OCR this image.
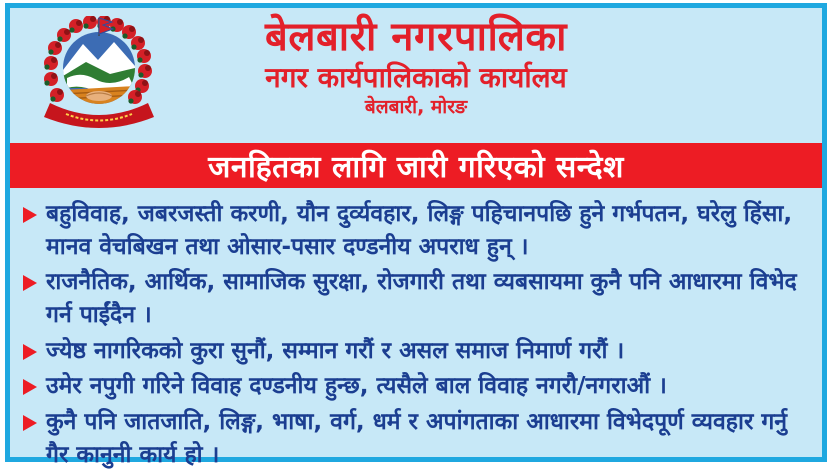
बेलबारी नगरपालिका
नगर कार्यपालिकाको कार्यालय
बेलबारी, मोरङ
जनहितका लागि जारी गरिएको सन्देश
बहुविवाह, जबरजस्ती करणी, यौन दुर्व्यवहार, लिङ्ग पहिचानपछि हुने गर्भपतन, घरेलु हिंसा, मानव वेचबिखन तथा ओसार-पसार दण्डनीय अपराध हुन् ।
राजनैतिक, आर्थिक, सामाजिक सुरक्षा, रोजगारी तथा व्यबसायमा कुनै पनि आधारमा विभेद गर्न पाईंदैन ।
ज्येष्ठ नागरिकको कुरा सुनौं, सम्मान गरौं र असल समाज निमार्ण गरौं ।
उमेर नपुगी गरिने विवाह दण्डनीय हुन्छ, त्यसैले बाल विवाह नगरौ/नगराऔं ।
कुनै पनि जातजाति, लिङ्ग, भाषा, वर्ग, धर्म र अपांगताका आधारमा विभेदपूर्ण व्यवहार गर्नु गैर कानुनी कार्य हो ।
